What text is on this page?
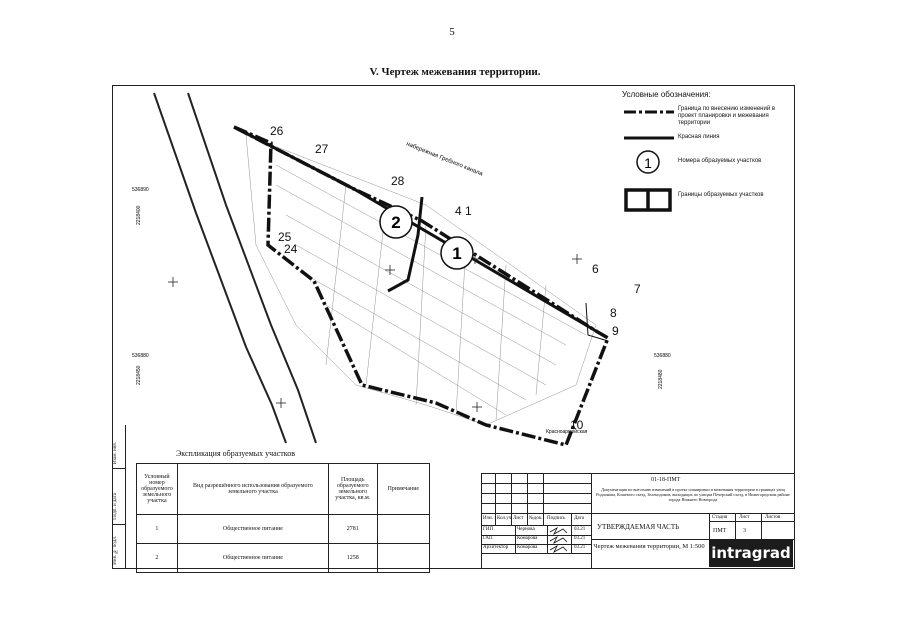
5
V. Чертеж межевания территории.
Взам. инв.
Подп. и дата
Инв. № подл.
2
1
26
27
28
4 1
25
24
6
7
8
9
10
набережная Гребного канала
Красноармейская
536890
2218400
536880
2218450
536880
2218480
Условные обозначения:
1
Граница по внесению изменений в проект планировки и межевания территории
Красная линия
Номера образуемых участков
Границы образуемых участков
Экспликация образуемых участков
Условный номер образуемого земельного участка	Вид разрешённого использования образуемого земельного участка	Площадь образуемого земельного участка, кв.м.	Примечание
1	Общественное питание	2781	
2	Общественное питание	1258	
Изм. Кол.уч Лист №док. Подпись Дата
ГИП	Чернова	03.21
ГАП	Комарова	03.21
Архитектор Комарова	03.21
01-18-ПМТ
Документация по внесению изменений в проект планировки и межевания территории в границах улиц Родионова, Кошевого съезд, Зеленодомов, выходящих по улицам Печерский съезд, в Нижегородском районе города Нижнего Новгорода
УТВЕРЖДАЕМАЯ ЧАСТЬ
Стадия Лист	Листов
ПМТ	3
Чертеж межевания территории, М 1:500 intragrad
